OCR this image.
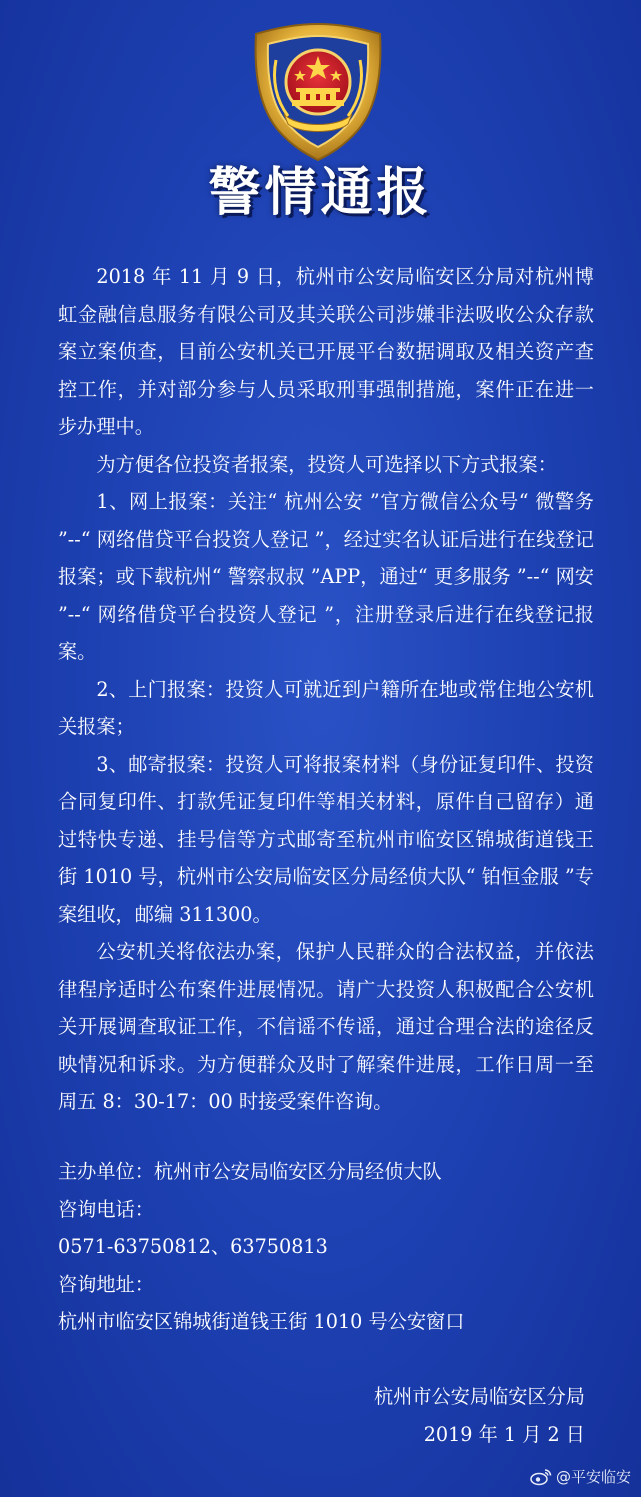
警情通报

2018 年 11 月 9 日，杭州市公安局临安区分局对杭州博虹金融信息服务有限公司及其关联公司涉嫌非法吸收公众存款案立案侦查，目前公安机关已开展平台数据调取及相关资产查控工作，并对部分参与人员采取刑事强制措施，案件正在进一步办理中。

为方便各位投资者报案，投资人可选择以下方式报案：

1、网上报案：关注“ 杭州公安 ”官方微信公众号“ 微警务 ”--“ 网络借贷平台投资人登记 ”，经过实名认证后进行在线登记报案；或下载杭州“ 警察叔叔 ”APP，通过“ 更多服务 ”--“ 网安 ”--“ 网络借贷平台投资人登记 ”，注册登录后进行在线登记报案。

2、上门报案：投资人可就近到户籍所在地或常住地公安机关报案；

3、邮寄报案：投资人可将报案材料（身份证复印件、投资合同复印件、打款凭证复印件等相关材料，原件自己留存）通过特快专递、挂号信等方式邮寄至杭州市临安区锦城街道钱王街 1010 号，杭州市公安局临安区分局经侦大队“ 铂恒金服 ”专案组收，邮编 311300。

公安机关将依法办案，保护人民群众的合法权益，并依法律程序适时公布案件进展情况。请广大投资人积极配合公安机关开展调查取证工作，不信谣不传谣，通过合理合法的途径反映情况和诉求。为方便群众及时了解案件进展，工作日周一至周五 8：30-17：00 时接受案件咨询。

主办单位：杭州市公安局临安区分局经侦大队
咨询电话：
0571-63750812、63750813
咨询地址：
杭州市临安区锦城街道钱王街 1010 号公安窗口
杭州市公安局临安区分局
2019 年 1 月 2 日
@平安临安
